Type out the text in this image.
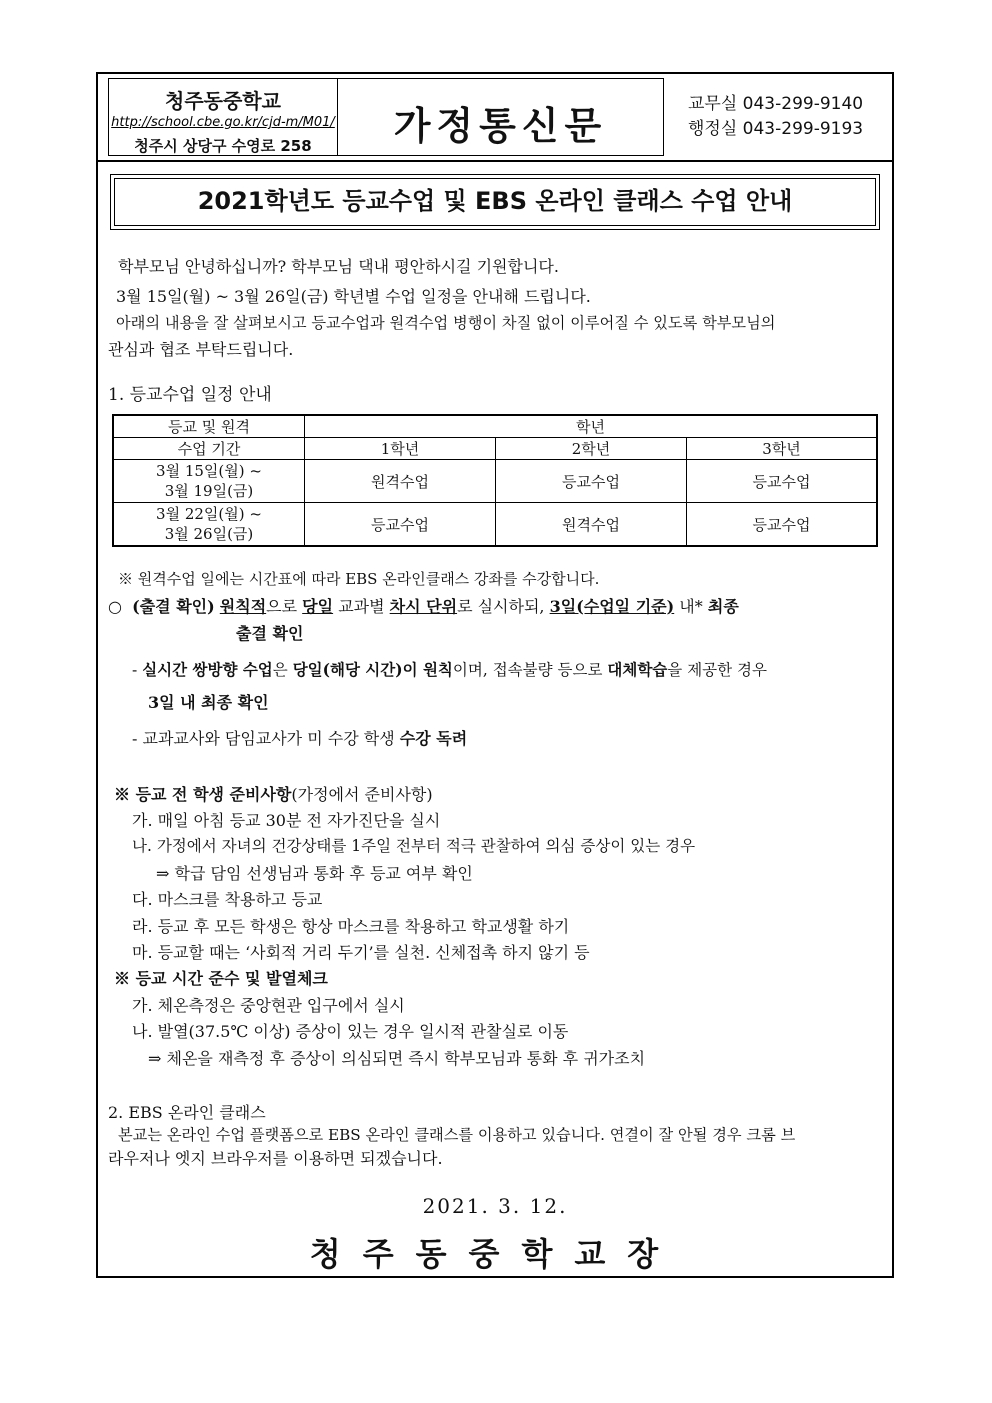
청주동중학교
http://school.cbe.go.kr/cjd-m/M01/
청주시 상당구 수영로 258	가정통신문	교무실 043-299-9140
행정실 043-299-9193
2021학년도 등교수업 및 EBS 온라인 클래스 수업 안내
학부모님 안녕하십니까? 학부모님 댁내 평안하시길 기원합니다.
3월 15일(월) ~ 3월 26일(금) 학년별 수업 일정을 안내해 드립니다.
아래의 내용을 잘 살펴보시고 등교수업과 원격수업 병행이 차질 없이 이루어질 수 있도록 학부모님의
관심과 협조 부탁드립니다.
1. 등교수업 일정 안내
등교 및 원격	학년		
수업 기간	1학년	2학년	3학년

3월 15일(월) ~
3월 19일(금)	원격수업	등교수업	등교수업

3월 22일(월) ~
3월 26일(금)	등교수업	원격수업	등교수업
※ 원격수업 일에는 시간표에 따라 EBS 온라인클래스 강좌를 수강합니다.
○ (출결 확인) 원칙적으로 당일 교과별 차시 단위로 실시하되, 3일(수업일 기준) 내* 최종
출결 확인
- 실시간 쌍방향 수업은 당일(해당 시간)이 원칙이며, 접속불량 등으로 대체학습을 제공한 경우
3일 내 최종 확인
- 교과교사와 담임교사가 미 수강 학생 수강 독려
※ 등교 전 학생 준비사항(가정에서 준비사항)
가. 매일 아침 등교 30분 전 자가진단을 실시
나. 가정에서 자녀의 건강상태를 1주일 전부터 적극 관찰하여 의심 증상이 있는 경우
⇒ 학급 담임 선생님과 통화 후 등교 여부 확인
다. 마스크를 착용하고 등교
라. 등교 후 모든 학생은 항상 마스크를 착용하고 학교생활 하기
마. 등교할 때는 ‘사회적 거리 두기’를 실천. 신체접촉 하지 않기 등
※ 등교 시간 준수 및 발열체크
가. 체온측정은 중앙현관 입구에서 실시
나. 발열(37.5℃ 이상) 증상이 있는 경우 일시적 관찰실로 이동
⇒ 체온을 재측정 후 증상이 의심되면 즉시 학부모님과 통화 후 귀가조치
2. EBS 온라인 클래스
본교는 온라인 수업 플랫폼으로 EBS 온라인 클래스를 이용하고 있습니다. 연결이 잘 안될 경우 크롬 브
라우저나 엣지 브라우저를 이용하면 되겠습니다.
2021. 3. 12.
청주동중학교장
